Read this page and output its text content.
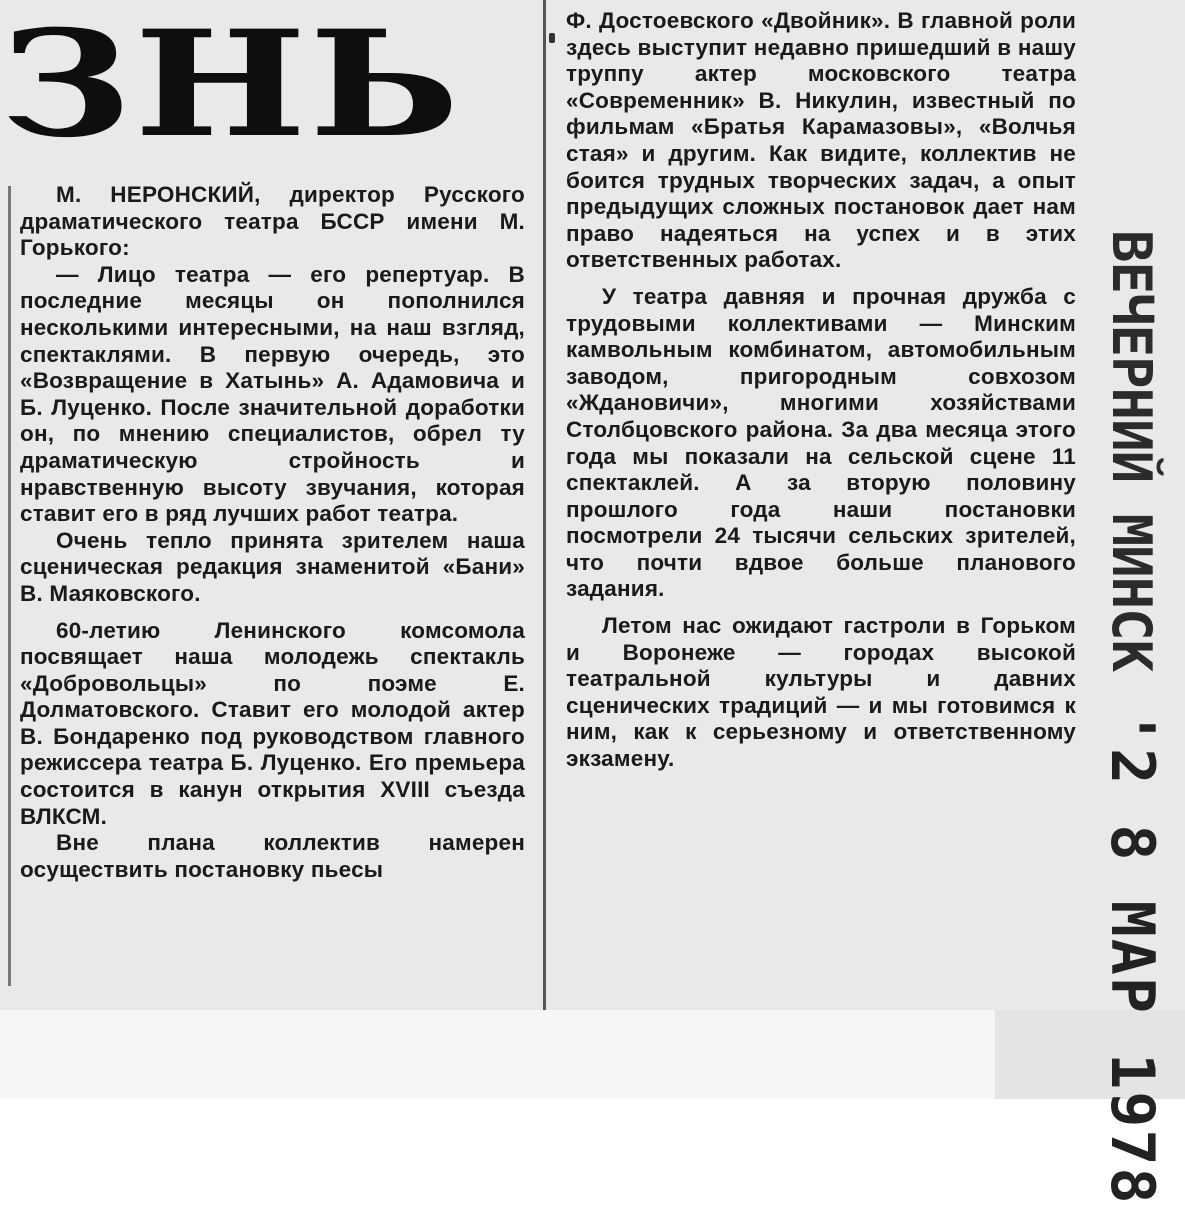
ЗНЬ

М. НЕРОНСКИЙ, директор Русского драматического театра БССР имени М. Горького:

— Лицо театра — его репертуар. В последние месяцы он пополнился несколькими интересными, на наш взгляд, спектаклями. В первую очередь, это «Возвращение в Хатынь» А. Адамовича и Б. Луценко. После значительной доработки он, по мнению специалистов, обрел ту драматическую стройность и нравственную высоту звучания, которая ставит его в ряд лучших работ театра.

Очень тепло принята зрителем наша сценическая редакция знаменитой «Бани» В. Маяковского.

60-летию Ленинского комсомола посвящает наша молодежь спектакль «Добровольцы» по поэме Е. Долматовского. Ставит его молодой актер В. Бондаренко под руководством главного режиссера театра Б. Луценко. Его премьера состоится в канун открытия XVIII съезда ВЛКСМ.

Вне плана коллектив намерен осуществить постановку пьесы

Ф. Достоевского «Двойник». В главной роли здесь выступит недавно пришедший в нашу труппу актер московского театра «Современник» В. Никулин, известный по фильмам «Братья Карамазовы», «Волчья стая» и другим. Как видите, коллектив не боится трудных творческих задач, а опыт предыдущих сложных постановок дает нам право надеяться на успех и в этих ответственных работах.

У театра давняя и прочная дружба с трудовыми коллективами — Минским камвольным комбинатом, автомобильным заводом, пригородным совхозом «Ждановичи», многими хозяйствами Столбцовского района. За два месяца этого года мы показали на сельской сцене 11 спектаклей. А за вторую половину прошлого года наши постановки посмотрели 24 тысячи сельских зрителей, что почти вдвое больше планового задания.

Летом нас ожидают гастроли в Горьком и Воронеже — городах высокой театральной культуры и давних сценических традиций — и мы готовимся к ним, как к серьезному и ответственному экзамену.

ВЕЧЕРНИЙ МИНСК
'2 8 МАР 1978
